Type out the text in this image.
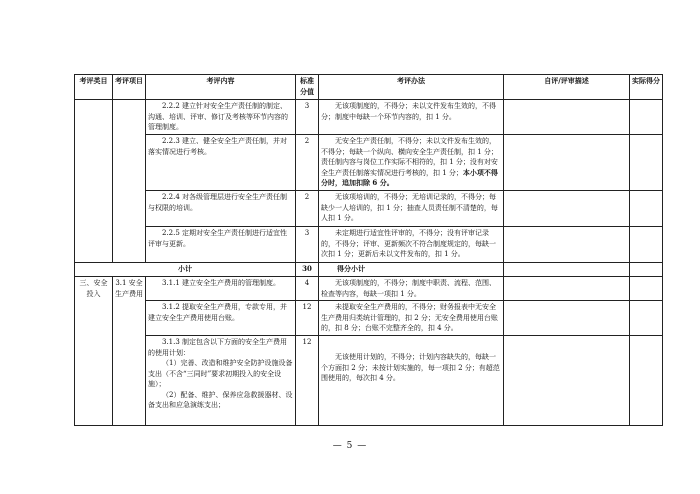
考评类目	考评项目	考评内容	标准分值	考评办法	自评/评审描述	实际得分
		2.2.2 建立针对安全生产责任制的制定、沟通、培训、评审、修订及考核等环节内容的管理制度。	3	无该项制度的，不得分；未以文件发布生效的，不得分；制度中每缺一个环节内容的，扣 1 分。		
		2.2.3 建立、健全安全生产责任制，并对落实情况进行考核。	2	无安全生产责任制，不得分；未以文件发布生效的，不得分；每缺一个纵向、横向安全生产责任制，扣 1 分；责任制内容与岗位工作实际不相符的，扣 1 分；没有对安全生产责任制落实情况进行考核的，扣 1 分；本小项不得分时，追加扣除 6 分。		
		2.2.4 对各级管理层进行安全生产责任制与权限的培训。	2	无该项培训的，不得分；无培训记录的，不得分；每缺少一人培训的，扣 1 分；抽查人员责任制不清楚的，每人扣 1 分。		
		2.2.5 定期对安全生产责任制进行适宜性评审与更新。	3	未定期进行适宜性评审的，不得分；没有评审记录的，不得分；评审、更新频次不符合制度规定的，每缺一次扣 1 分；更新后未以文件发布的，扣 1 分。		
小计			30	得分小计		
三、安全投入	3.1 安全生产费用	3.1.1 建立安全生产费用的管理制度。	4	无该项制度的，不得分；制度中职责、流程、范围、检查等内容，每缺一项扣 1 分。		
		3.1.2 提取安全生产费用，专款专用，并建立安全生产费用使用台账。	12	未提取安全生产费用的，不得分；财务报表中无安全生产费用归类统计管理的，扣 2 分；无安全费用使用台账的，扣 8 分；台账不完整齐全的，扣 4 分。		

		3.1.3 制定包含以下方面的安全生产费用的使用计划：
（1）完善、改造和维护安全防护设施设备支出（不含“三同时”要求初期投入的安全设施）；
（2）配备、维护、保养应急救援器材、设备支出和应急演练支出；	12	无该使用计划的，不得分；计划内容缺失的，每缺一个方面扣 2 分；未按计划实施的，每一项扣 2 分；有超范围使用的，每次扣 4 分。		
— 5 —
